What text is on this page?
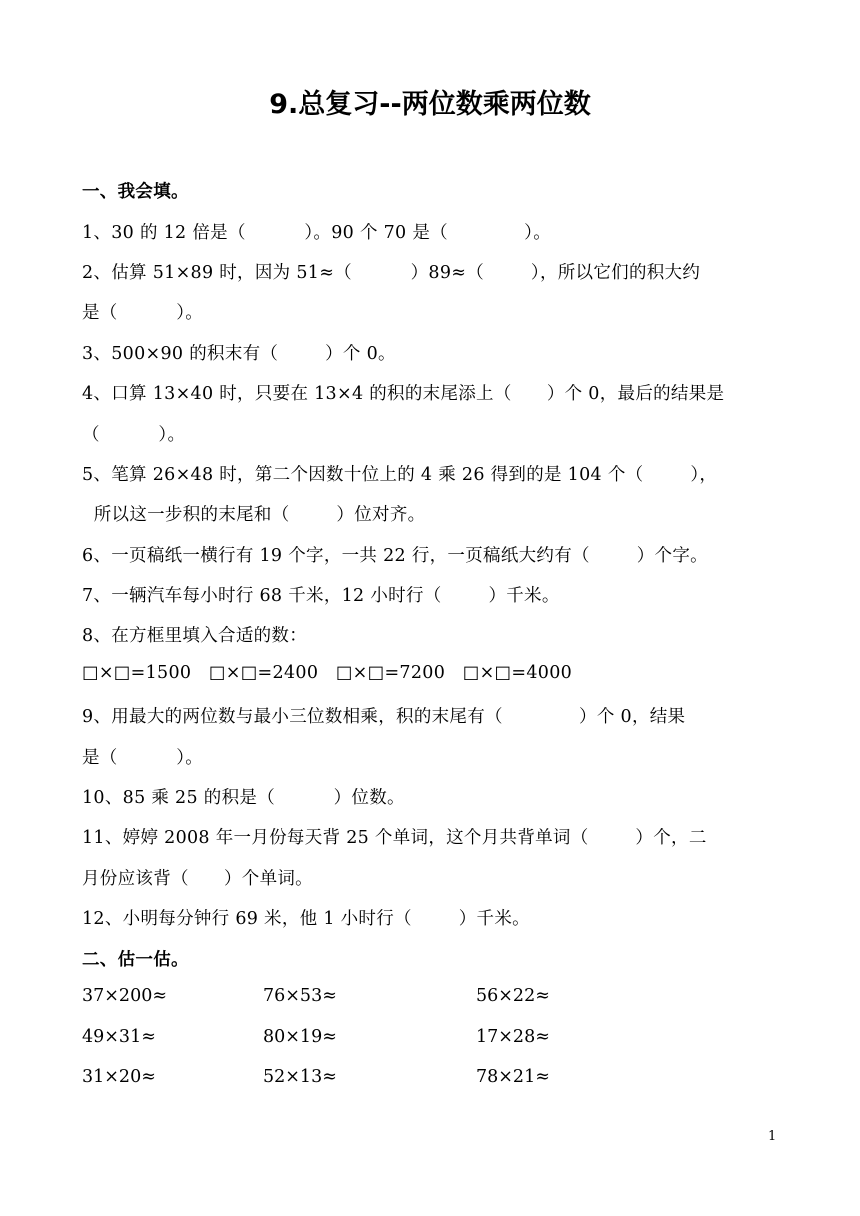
9.总复习--两位数乘两位数
一、我会填。
1、30 的 12 倍是（          ）。90 个 70 是（             ）。
2、估算 51×89 时，因为 51≈（          ）89≈（        ），所以它们的积大约
是（          ）。
3、500×90 的积末有（        ）个 0。
4、口算 13×40 时，只要在 13×4 的积的末尾添上（      ）个 0，最后的结果是
（          ）。
5、笔算 26×48 时，第二个因数十位上的 4 乘 26 得到的是 104 个（        ），
所以这一步积的末尾和（        ）位对齐。
6、一页稿纸一横行有 19 个字，一共 22 行，一页稿纸大约有（        ）个字。
7、一辆汽车每小时行 68 千米，12 小时行（        ）千米。
8、在方框里填入合适的数：
□×□=1500   □×□=2400   □×□=7200   □×□=4000
9、用最大的两位数与最小三位数相乘，积的末尾有（             ）个 0，结果
是（          ）。
10、85 乘 25 的积是（          ）位数。
11、婷婷 2008 年一月份每天背 25 个单词，这个月共背单词（        ）个，二
月份应该背（      ）个单词。
12、小明每分钟行 69 米，他 1 小时行（        ）千米。
二、估一估。
37×200≈	76×53≈	56×22≈
49×31≈	80×19≈	17×28≈
31×20≈	52×13≈	78×21≈
1
